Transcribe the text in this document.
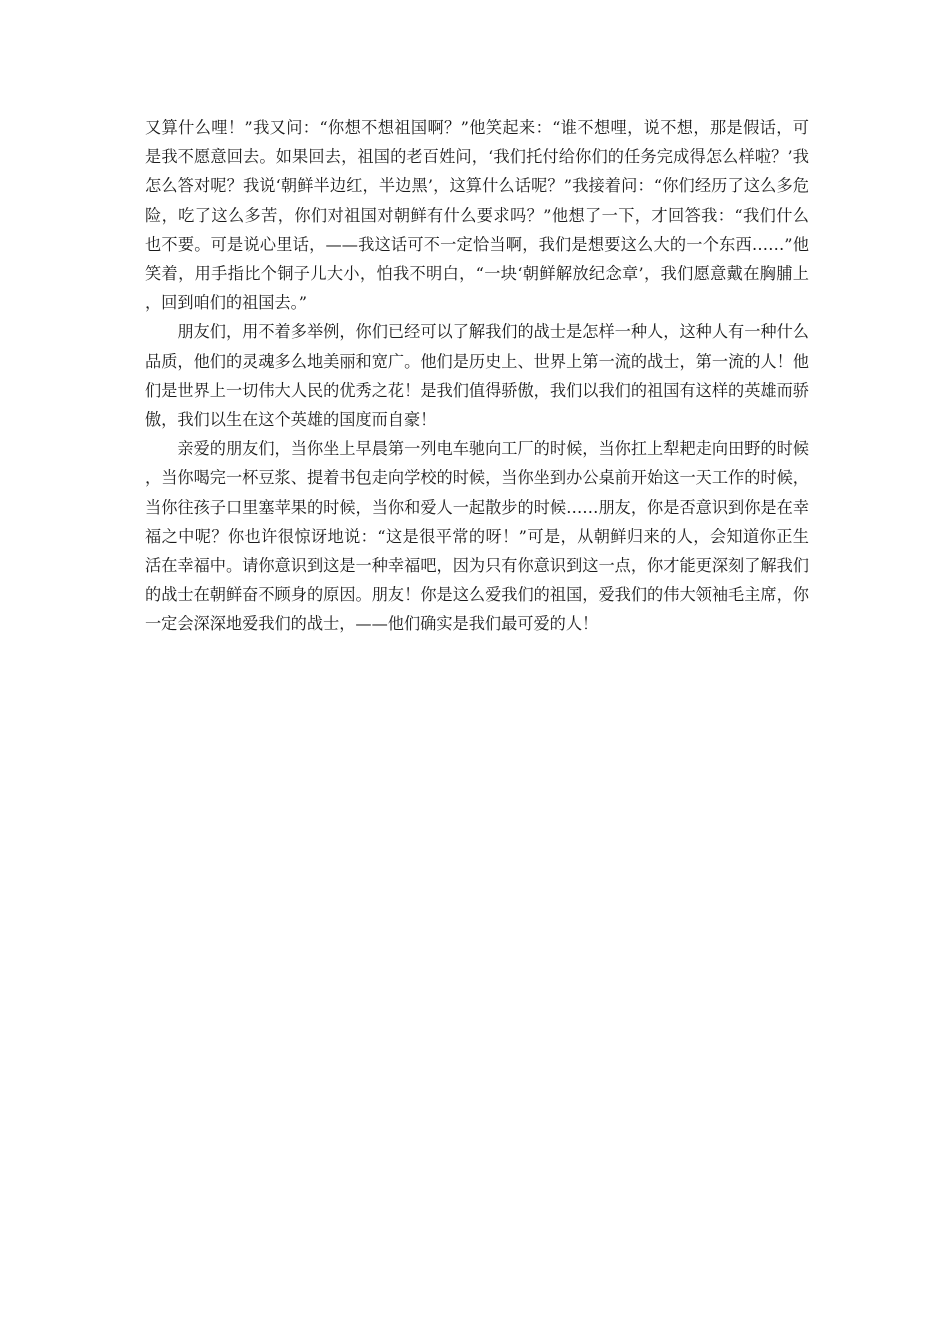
又算什么哩！”我又问：“你想不想祖国啊？”他笑起来：“谁不想哩，说不想，那是假话，可是我不愿意回去。如果回去，祖国的老百姓问，‘我们托付给你们的任务完成得怎么样啦？’我怎么答对呢？我说‘朝鲜半边红，半边黑’，这算什么话呢？”我接着问：“你们经历了这么多危险，吃了这么多苦，你们对祖国对朝鲜有什么要求吗？”他想了一下，才回答我：“我们什么也不要。可是说心里话，——我这话可不一定恰当啊，我们是想要这么大的一个东西……”他笑着，用手指比个铜子儿大小，怕我不明白，“一块‘朝鲜解放纪念章’，我们愿意戴在胸脯上，回到咱们的祖国去。”

朋友们，用不着多举例，你们已经可以了解我们的战士是怎样一种人，这种人有一种什么品质，他们的灵魂多么地美丽和宽广。他们是历史上、世界上第一流的战士，第一流的人！他们是世界上一切伟大人民的优秀之花！是我们值得骄傲，我们以我们的祖国有这样的英雄而骄傲，我们以生在这个英雄的国度而自豪！

亲爱的朋友们，当你坐上早晨第一列电车驰向工厂的时候，当你扛上犁耙走向田野的时候，当你喝完一杯豆浆、提着书包走向学校的时候，当你坐到办公桌前开始这一天工作的时候，当你往孩子口里塞苹果的时候，当你和爱人一起散步的时候……朋友，你是否意识到你是在幸福之中呢？你也许很惊讶地说：“这是很平常的呀！”可是，从朝鲜归来的人，会知道你正生活在幸福中。请你意识到这是一种幸福吧，因为只有你意识到这一点，你才能更深刻了解我们的战士在朝鲜奋不顾身的原因。朋友！你是这么爱我们的祖国，爱我们的伟大领袖毛主席，你一定会深深地爱我们的战士，——他们确实是我们最可爱的人！
